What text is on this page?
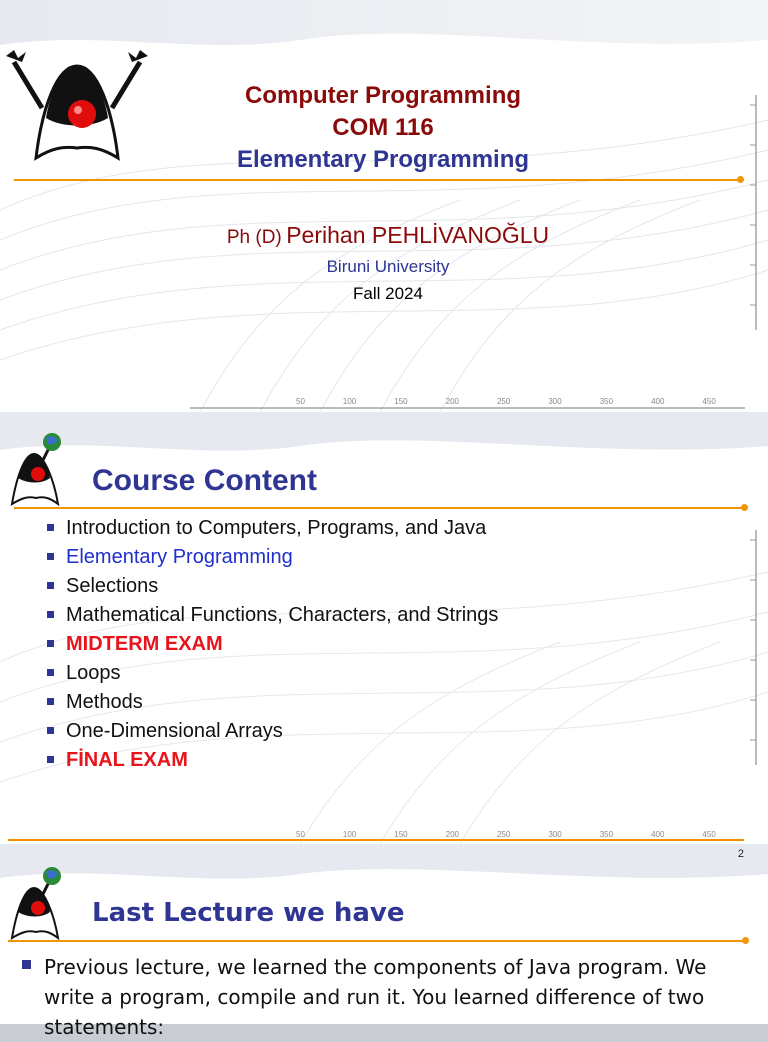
Computer Programming
COM 116
Elementary Programming
Ph (D) Perihan PEHLİVANOĞLU
Biruni University
Fall 2024
50	100	150	200	250	300	350	400	450
Course Content
Introduction to Computers, Programs, and Java
Elementary Programming
Selections
Mathematical Functions, Characters, and Strings
MIDTERM EXAM
Loops
Methods
One-Dimensional Arrays
FİNAL EXAM
50	100	150	200	250	300	350	400	450
2
Last Lecture we have
Previous lecture, we learned the components of Java program. We write a program, compile and run it. You learned difference of two statements:
